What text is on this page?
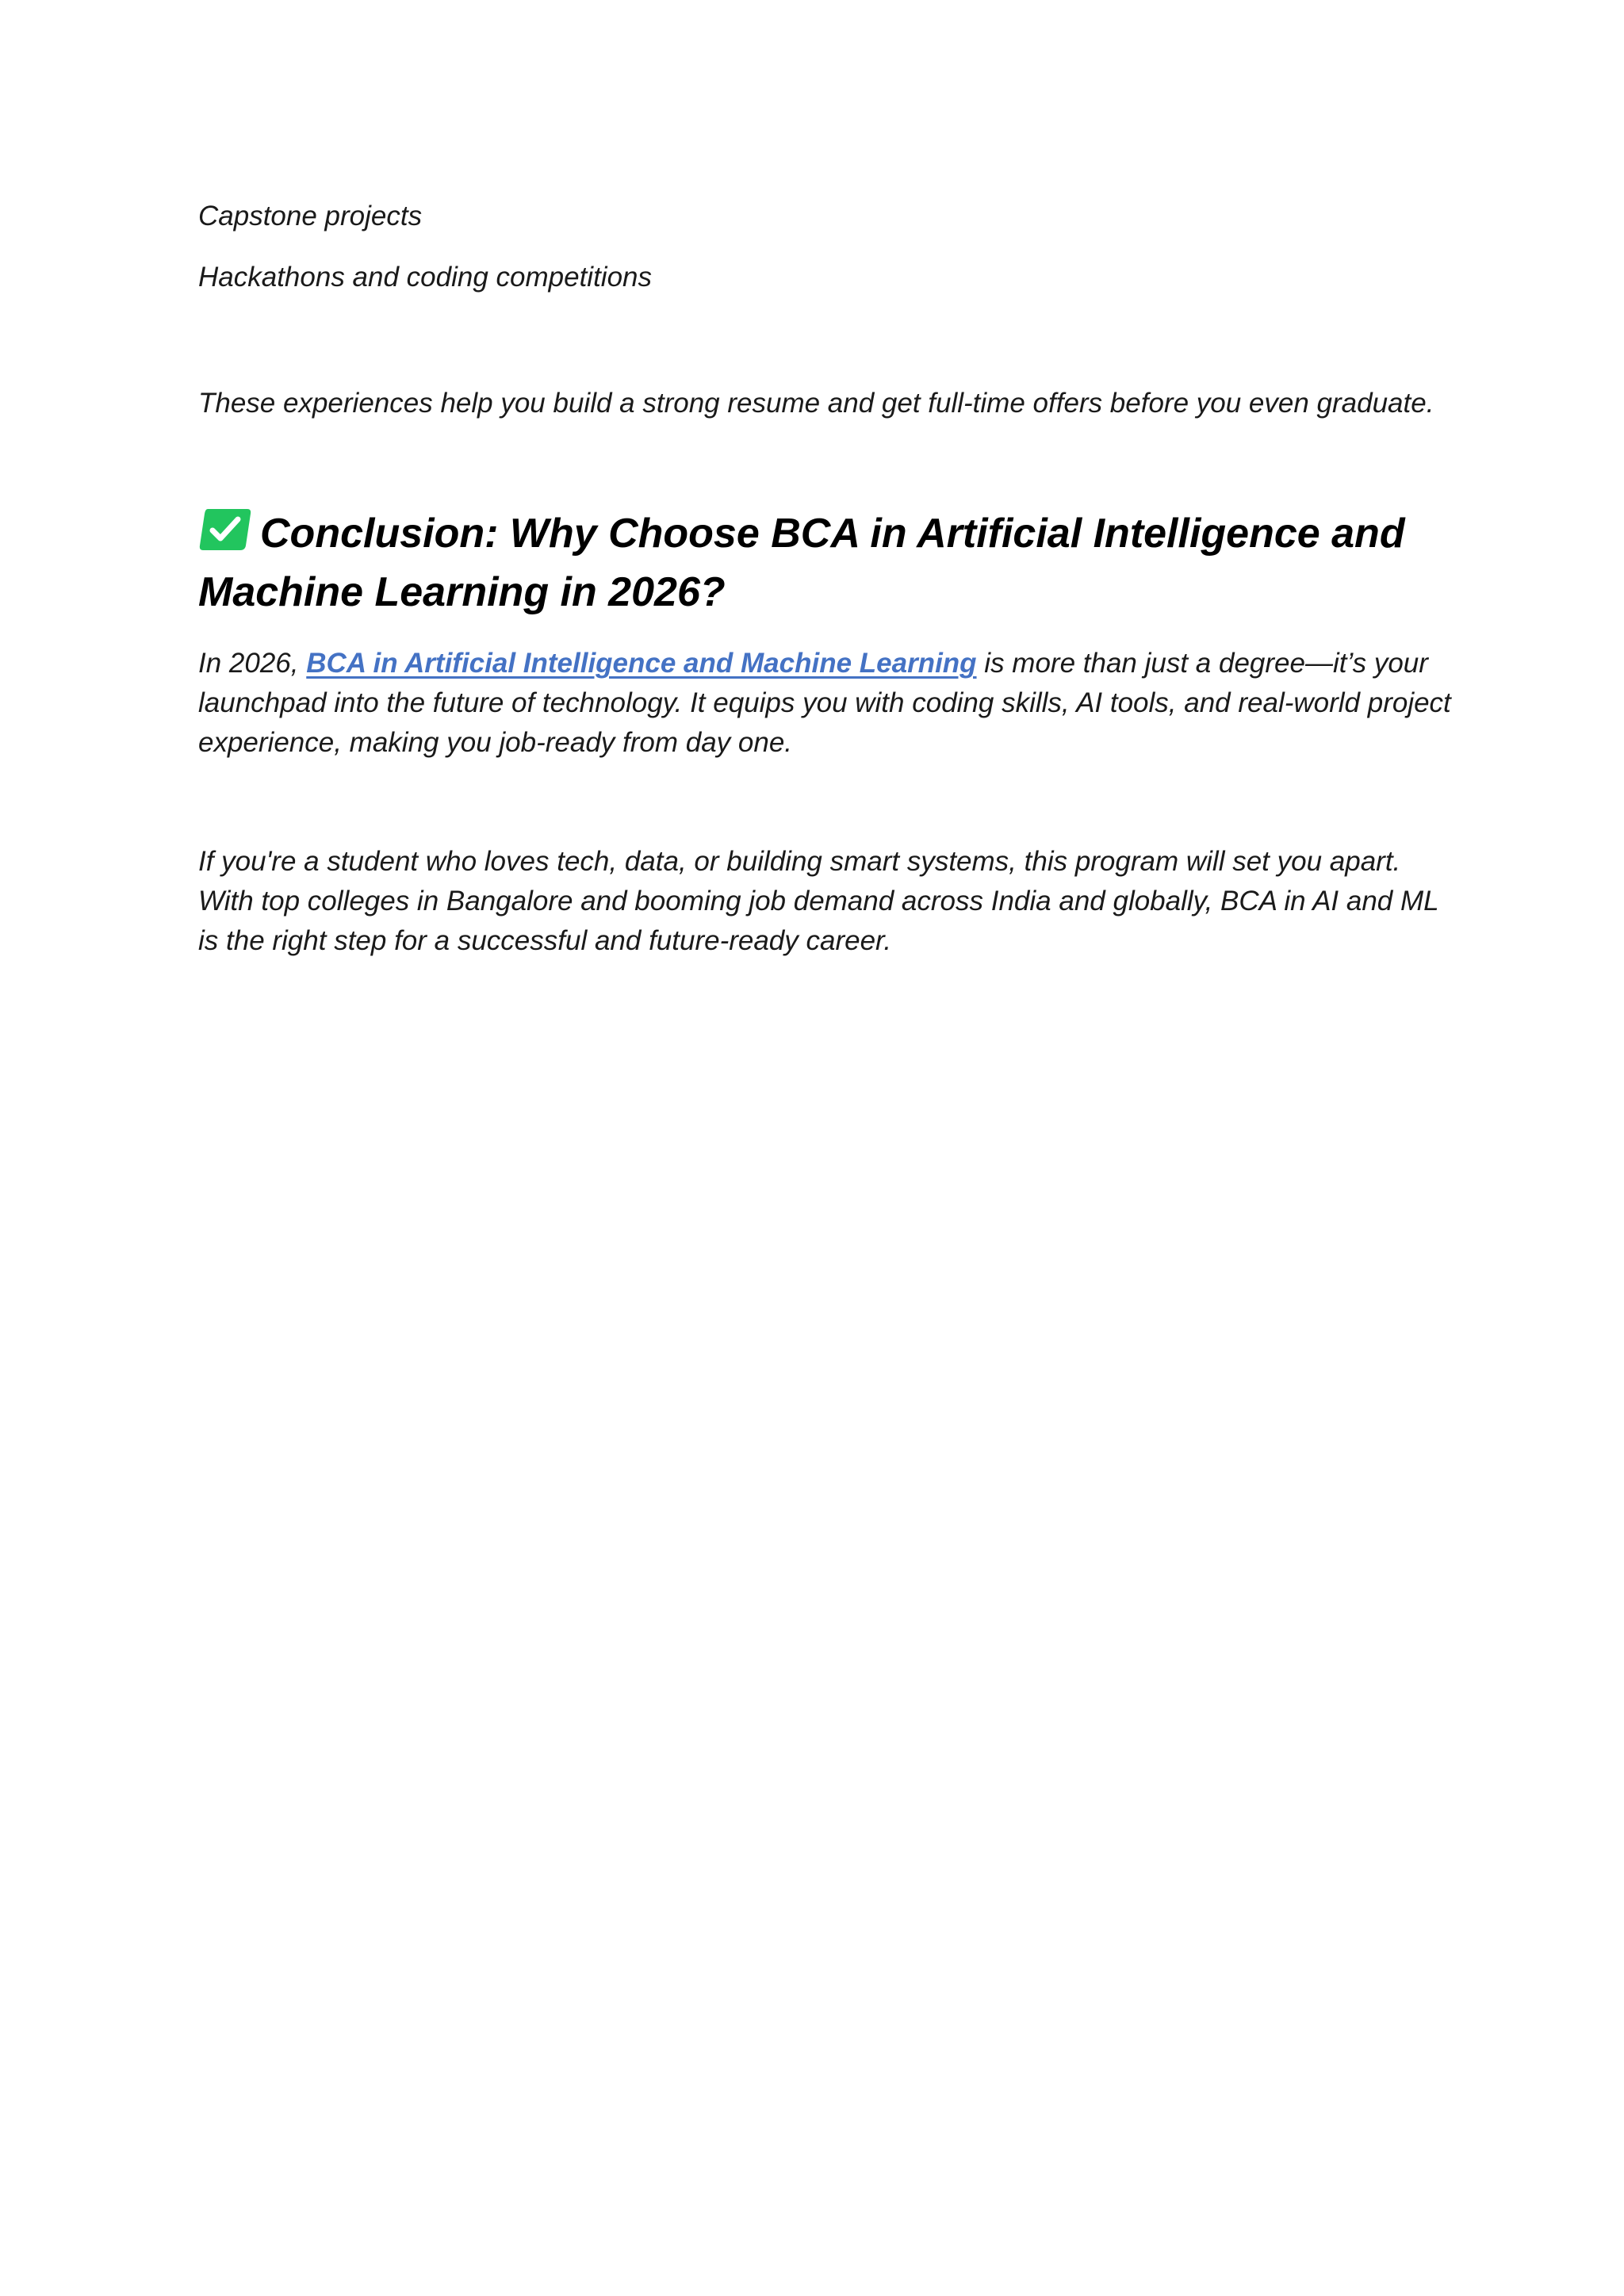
Capstone projects

Hackathons and coding competitions

These experiences help you build a strong resume and get full-time offers before you even graduate.

Conclusion: Why Choose BCA in Artificial Intelligence and Machine Learning in 2026?

In 2026, BCA in Artificial Intelligence and Machine Learning is more than just a degree—it’s your launchpad into the future of technology. It equips you with coding skills, AI tools, and real-world project experience, making you job-ready from day one.

If you're a student who loves tech, data, or building smart systems, this program will set you apart. With top colleges in Bangalore and booming job demand across India and globally, BCA in AI and ML is the right step for a successful and future-ready career.
